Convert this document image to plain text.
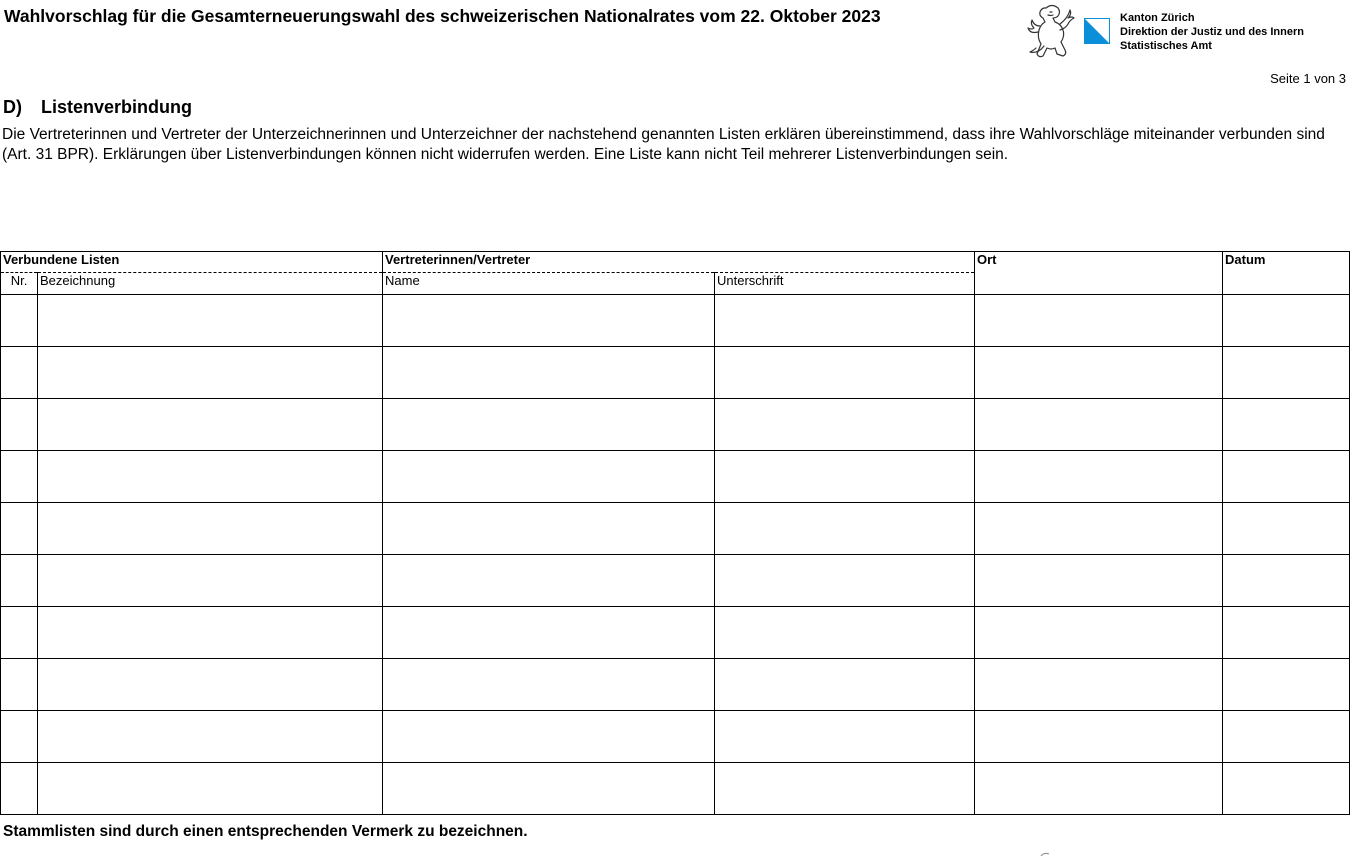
Wahlvorschlag für die Gesamterneuerungswahl des schweizerischen Nationalrates vom 22. Oktober 2023	Kanton Zürich
Direktion der Justiz und des Innern
Statistisches Amt
Seite 1 von 3
D) Listenverbindung
Die Vertreterinnen und Vertreter der Unterzeichnerinnen und Unterzeichner der nachstehend genannten Listen erklären übereinstimmend, dass ihre Wahlvorschläge miteinander verbunden sind (Art. 31 BPR). Erklärungen über Listenverbindungen können nicht widerrufen werden. Eine Liste kann nicht Teil mehrerer Listenverbindungen sein.
Verbundene Listen		Vertreterinnen/Vertreter		Ort	Datum
Nr.	Bezeichnung	Name	Unterschrift		

Stammlisten sind durch einen entsprechenden Vermerk zu bezeichnen.
